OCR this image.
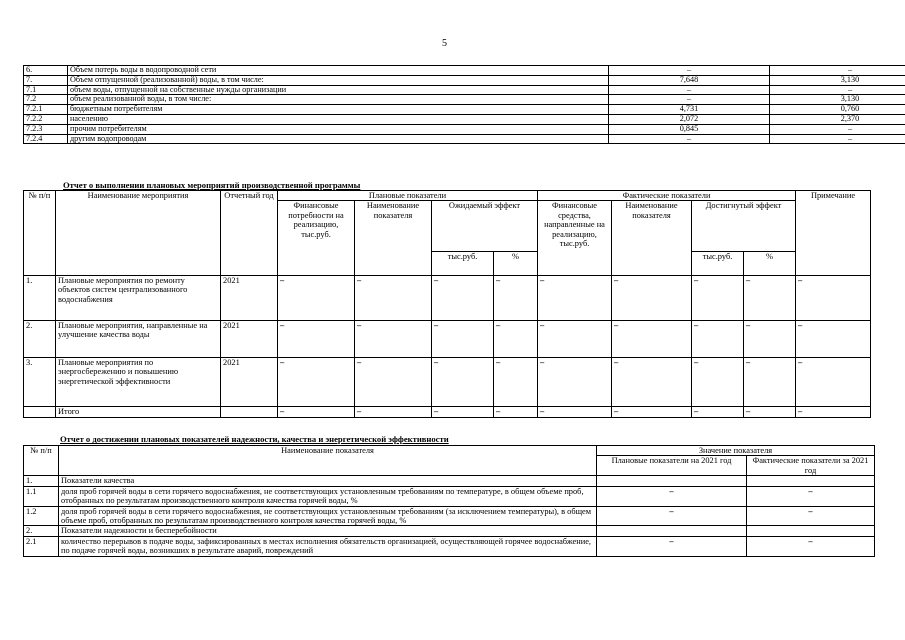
5
6.	Объем потерь воды в водопроводной сети	–	–
7.	Объем отпущенной (реализованной) воды, в том числе:	7,648	3,130
7.1	объем воды, отпущенной на собственные нужды организации	–	–
7.2	объем реализованной воды, в том числе:	–	3,130
7.2.1	бюджетным потребителям	4,731	0,760
7.2.2	населению	2,072	2,370
7.2.3	прочим потребителям	0,845	–
7.2.4	другим водопроводам	–	–
Отчет о выполнении плановых мероприятий производственной программы
№ п/п	Наименование мероприятия	Отчетный год	Плановые показатели				Фактические показатели				Примечание
			Финансовые потребности на реализацию, тыс.руб.	Наименование показателя	Ожидаемый эффект		Финансовые средства, направленные на реализацию, тыс.руб.	Наименование показателя	Достигнутый эффект		
					тыс.руб.	%			тыс.руб.	%	
1.	Плановые мероприятия по ремонту объектов систем централизованного водоснабжения	2021	–	–	–	–	–	–	–	–	–
2.	Плановые мероприятия, направленные на улучшение качества воды	2021	–	–	–	–	–	–	–	–	–
3.	Плановые мероприятия по энергосбережению и повышению энергетической эффективности	2021	–	–	–	–	–	–	–	–	–
	Итого		–	–	–	–	–	–	–	–	–
Отчет о достижении плановых показателей надежности, качества и энергетической эффективности
№ п/п	Наименование показателя	Значение показателя	
		Плановые показатели на 2021 год	Фактические показатели за 2021 год
1.	Показатели качества		
1.1	доля проб горячей воды в сети горячего водоснабжения, не соответствующих установленным требованиям по температуре, в общем объеме проб, отобранных по результатам производственного контроля качества горячей воды, %	–	–
1.2	доля проб горячей воды в сети горячего водоснабжения, не соответствующих установленным требованиям (за исключением температуры), в общем объеме проб, отобранных по результатам производственного контроля качества горячей воды, %	–	–
2.	Показатели надежности и бесперебойности		
2.1	количество перерывов в подаче воды, зафиксированных в местах исполнения обязательств организацией, осуществляющей горячее водоснабжение, по подаче горячей воды, возникших в результате аварий, повреждений	–	–
